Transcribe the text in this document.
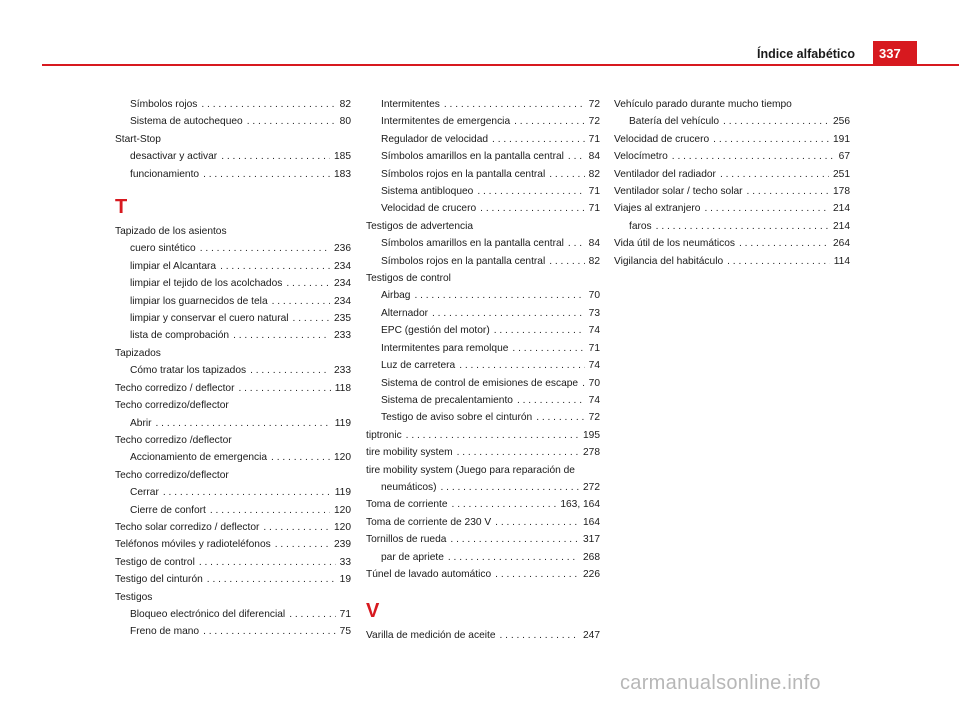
Índice alfabético	337
Símbolos rojos . . .	82
Sistema de autochequeo . . .	80
Start-Stop
desactivar y activar . . .	185
funcionamiento . . .	183
T
Tapizado de los asientos
cuero sintético . . .	236
limpiar el Alcantara . . .	234
limpiar el tejido de los acolchados . . .	234
limpiar los guarnecidos de tela . . .	234
limpiar y conservar el cuero natural . . .	235
lista de comprobación . . .	233
Tapizados
Cómo tratar los tapizados . . .	233
Techo corredizo / deflector . . .	118
Techo corredizo/deflector
Abrir . . .	119
Techo corredizo /deflector
Accionamiento de emergencia . . .	120
Techo corredizo/deflector
Cerrar . . .	119
Cierre de confort . . .	120
Techo solar corredizo / deflector . . .	120
Teléfonos móviles y radioteléfonos . . .	239
Testigo de control . . .	33
Testigo del cinturón . . .	19
Testigos
Bloqueo electrónico del diferencial . . .	71
Freno de mano . . .	75
Intermitentes . . .	72
Intermitentes de emergencia . . .	72
Regulador de velocidad . . .	71
Símbolos amarillos en la pantalla central . . . 84
Símbolos rojos en la pantalla central . . .	82
Sistema antibloqueo . . .	71
Velocidad de crucero . . .	71
Testigos de advertencia
Símbolos amarillos en la pantalla central . . . 84
Símbolos rojos en la pantalla central . . .	82
Testigos de control
Airbag . . .	70
Alternador . . .	73
EPC (gestión del motor) . . .	74
Intermitentes para remolque . . .	71
Luz de carretera . . .	74
Sistema de control de emisiones de escape . . . 70
Sistema de precalentamiento . . .	74
Testigo de aviso sobre el cinturón . . .	72
tiptronic . . .	195
tire mobility system . . .	278
tire mobility system (Juego para reparación de
neumáticos) . . .	272
Toma de corriente . . .	163, 164
Toma de corriente de 230 V . . .	164
Tornillos de rueda . . .	317
par de apriete . . .	268
Túnel de lavado automático . . .	226
V
Varilla de medición de aceite . . .	247
Vehículo parado durante mucho tiempo
Batería del vehículo . . .	256
Velocidad de crucero . . .	191
Velocímetro . . .	67
Ventilador del radiador . . .	251
Ventilador solar / techo solar . . .	178
Viajes al extranjero . . .	214
faros . . .	214
Vida útil de los neumáticos . . .	264
Vigilancia del habitáculo . . .	114
carmanualsonline.info
